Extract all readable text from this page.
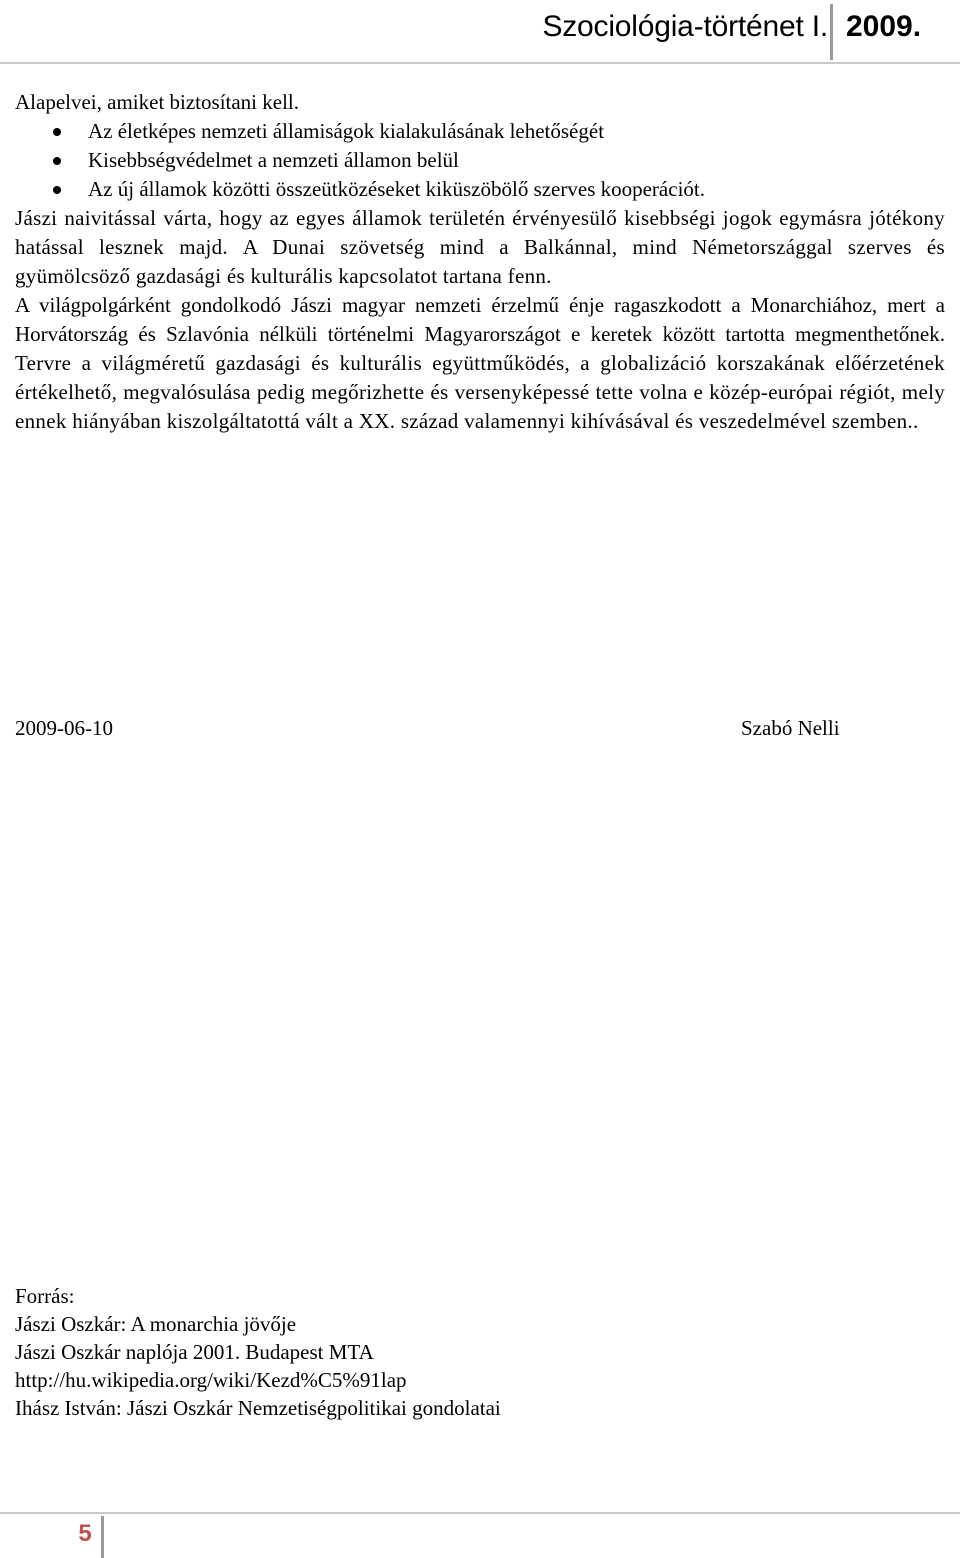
Szociológia-történet I. 2009.

Alapelvei, amiket biztosítani kell.

Az életképes nemzeti államiságok kialakulásának lehetőségét
Kisebbségvédelmet a nemzeti államon belül
Az új államok közötti összeütközéseket kiküszöbölő szerves kooperációt.

Jászi naivitással várta, hogy az egyes államok területén érvényesülő kisebbségi jogok egymásra jótékony hatással lesznek majd. A Dunai szövetség mind a Balkánnal, mind Németországgal szerves és gyümölcsöző gazdasági és kulturális kapcsolatot tartana fenn.

A világpolgárként gondolkodó Jászi magyar nemzeti érzelmű énje ragaszkodott a Monarchiához, mert a Horvátország és Szlavónia nélküli történelmi Magyarországot e keretek között tartotta megmenthetőnek. Tervre a világméretű gazdasági és kulturális együttműködés, a globalizáció korszakának előérzetének értékelhető, megvalósulása pedig megőrizhette és versenyképessé tette volna e közép-európai régiót, mely ennek hiányában kiszolgáltatottá vált a XX. század valamennyi kihívásával és veszedelmével szemben..

2009-06-10	Szabó Nelli
Forrás:
Jászi Oszkár: A monarchia jövője
Jászi Oszkár naplója 2001. Budapest MTA
http://hu.wikipedia.org/wiki/Kezd%C5%91lap
Ihász István: Jászi Oszkár Nemzetiségpolitikai gondolatai
5
